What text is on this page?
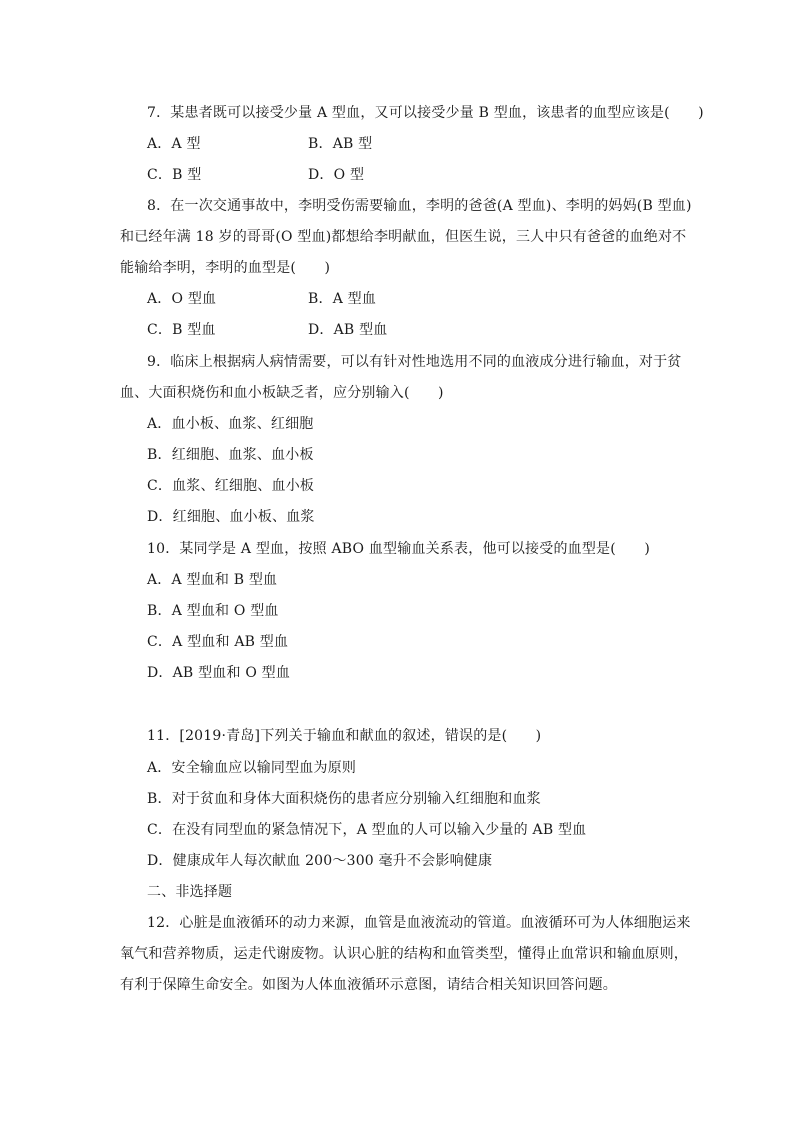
7．某患者既可以接受少量 A 型血，又可以接受少量 B 型血，该患者的血型应该是(　　)
A．A 型	B．AB 型
C．B 型	D．O 型
8．在一次交通事故中，李明受伤需要输血，李明的爸爸(A 型血)、李明的妈妈(B 型血)
和已经年满 18 岁的哥哥(O 型血)都想给李明献血，但医生说，三人中只有爸爸的血绝对不
能输给李明，李明的血型是(　　)
A．O 型血	B．A 型血
C．B 型血	D．AB 型血
9．临床上根据病人病情需要，可以有针对性地选用不同的血液成分进行输血，对于贫
血、大面积烧伤和血小板缺乏者，应分别输入(　　)
A．血小板、血浆、红细胞
B．红细胞、血浆、血小板
C．血浆、红细胞、血小板
D．红细胞、血小板、血浆
10．某同学是 A 型血，按照 ABO 血型输血关系表，他可以接受的血型是(　　)
A．A 型血和 B 型血
B．A 型血和 O 型血
C．A 型血和 AB 型血
D．AB 型血和 O 型血
11．[2019·青岛]下列关于输血和献血的叙述，错误的是(　　)
A．安全输血应以输同型血为原则
B．对于贫血和身体大面积烧伤的患者应分别输入红细胞和血浆
C．在没有同型血的紧急情况下，A 型血的人可以输入少量的 AB 型血
D．健康成年人每次献血 200～300 毫升不会影响健康
二、非选择题
12．心脏是血液循环的动力来源，血管是血液流动的管道。血液循环可为人体细胞运来
氧气和营养物质，运走代谢废物。认识心脏的结构和血管类型，懂得止血常识和输血原则，
有利于保障生命安全。如图为人体血液循环示意图，请结合相关知识回答问题。
